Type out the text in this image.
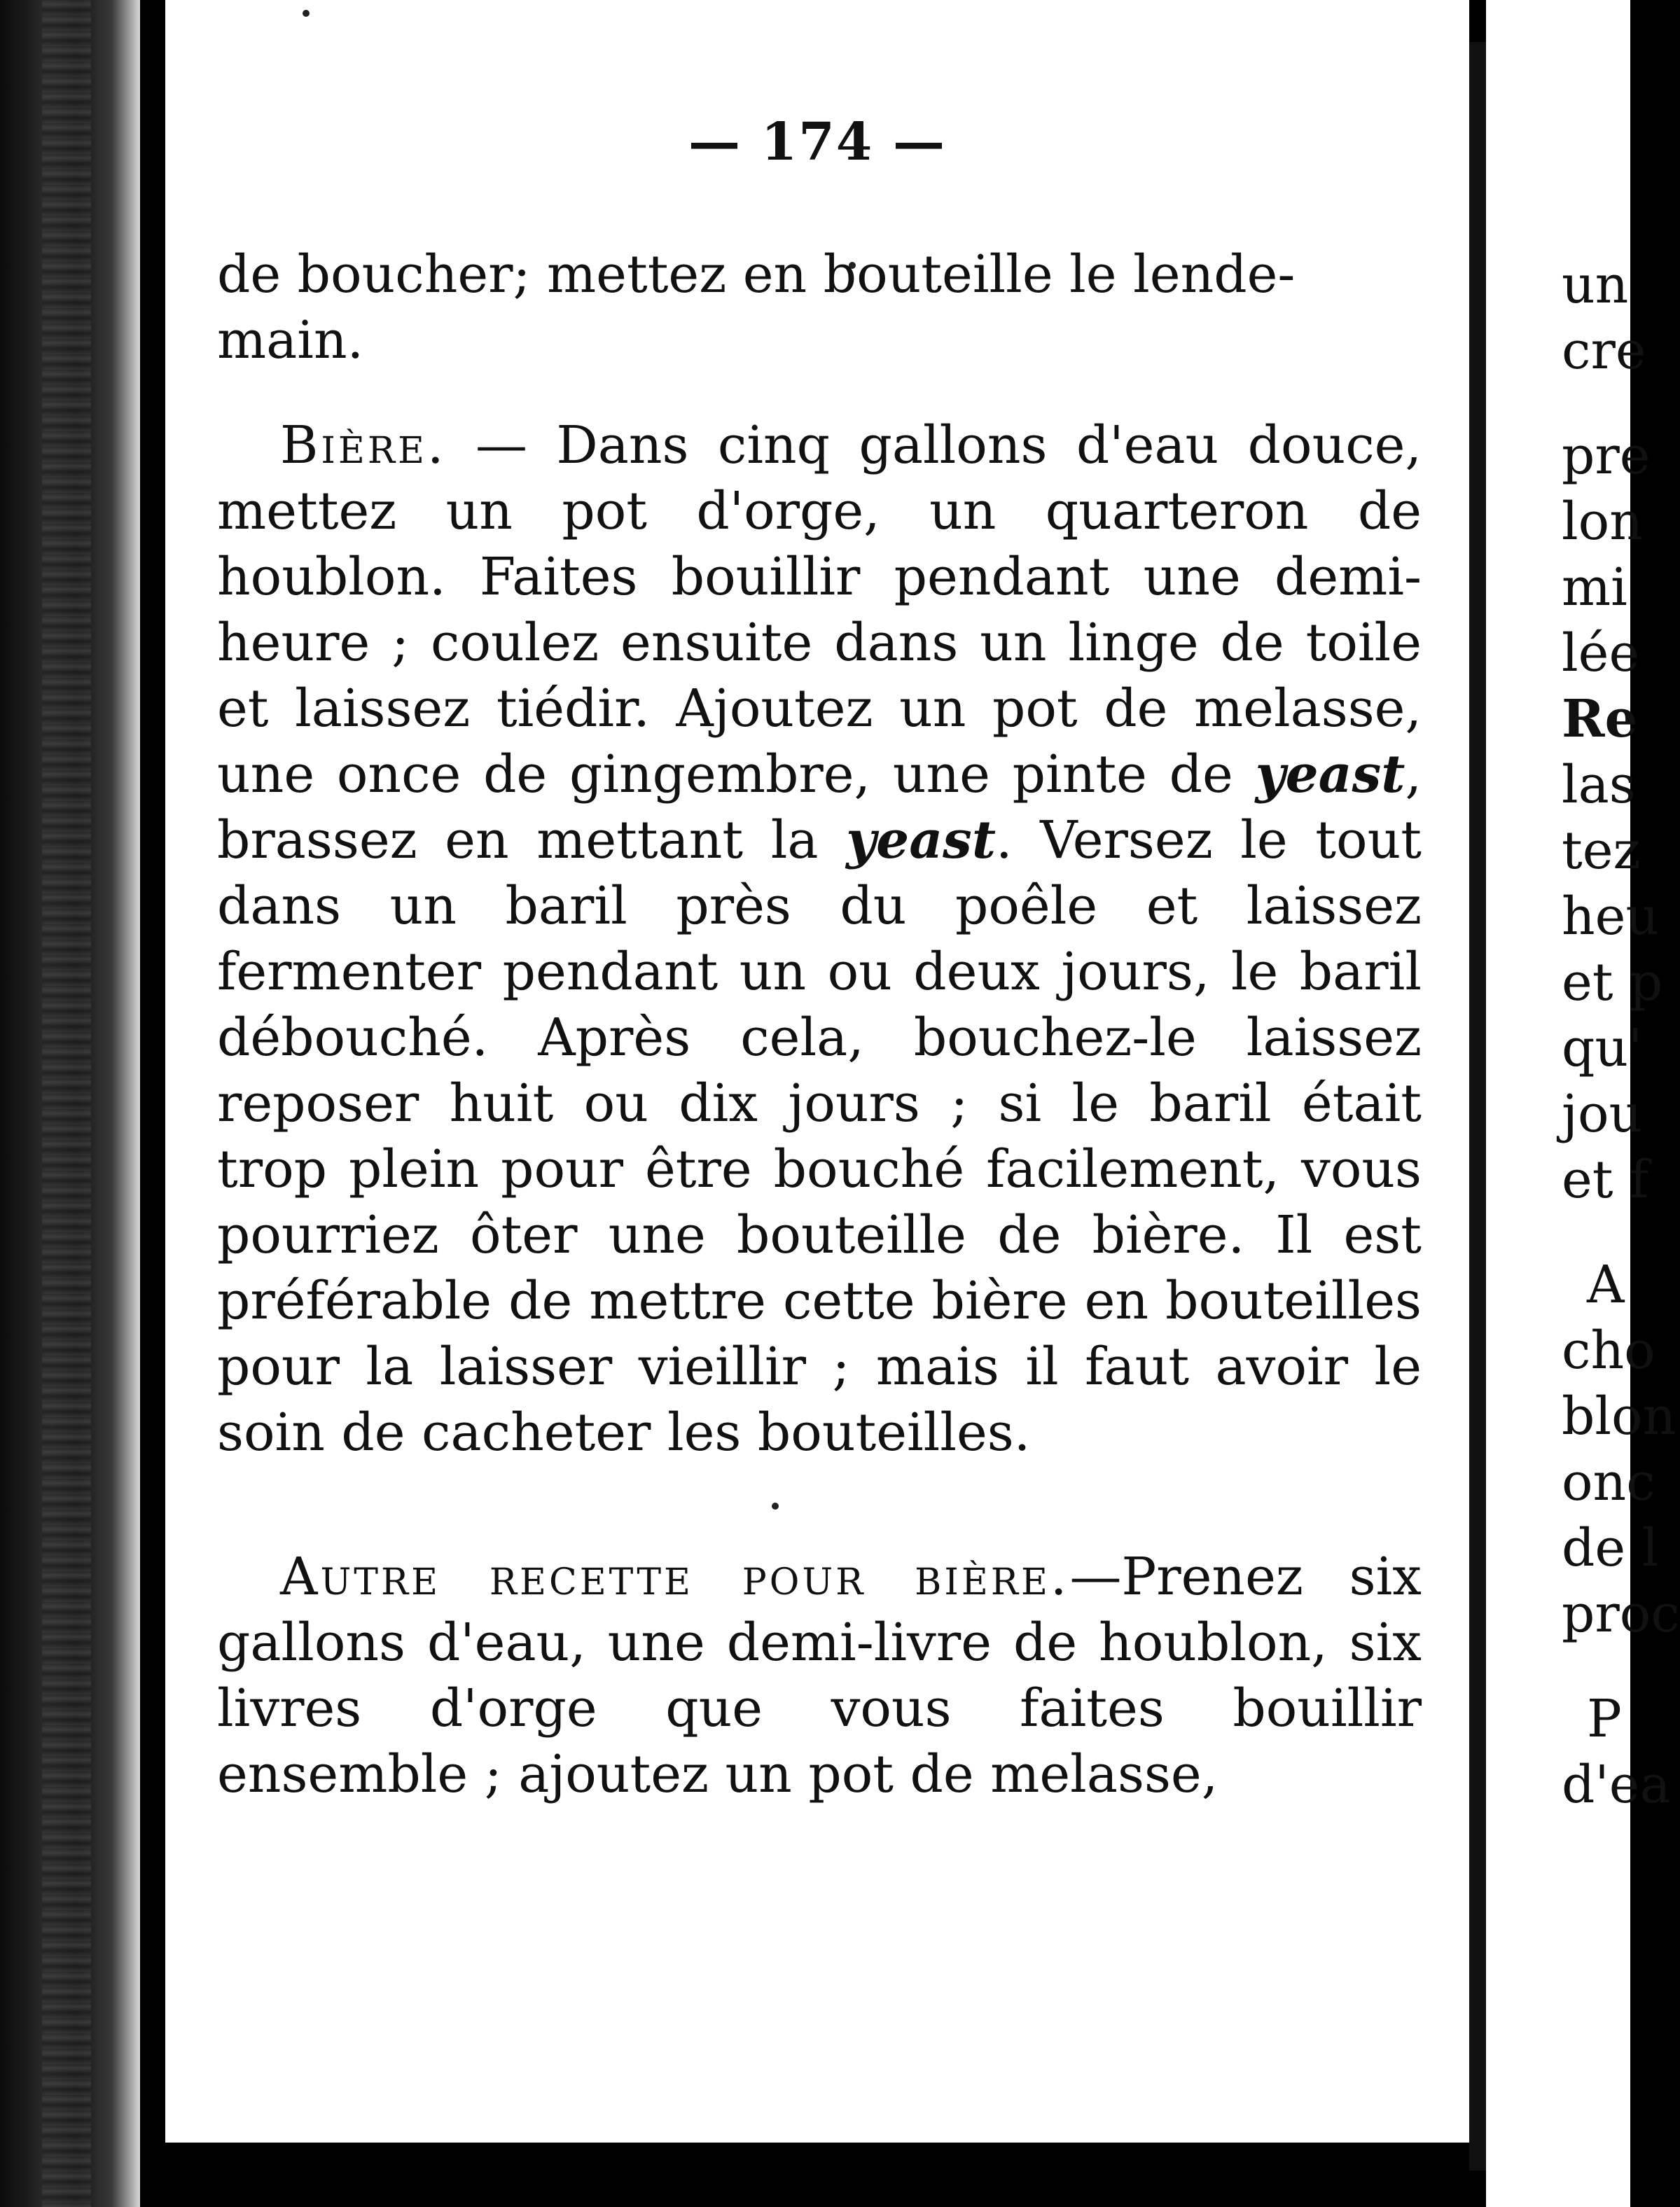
— 174 —

de boucher; mettez en bouteille le lende-
main.

Bière. — Dans cinq gallons d'eau douce, mettez un pot d'orge, un quarteron de houblon. Faites bouillir pendant une demi-heure ; coulez ensuite dans un linge de toile et laissez tiédir. Ajoutez un pot de melasse, une once de gingembre, une pinte de yeast, brassez en mettant la yeast. Versez le tout dans un baril près du poêle et laissez fermenter pendant un ou deux jours, le baril débouché. Après cela, bouchez-le laissez reposer huit ou dix jours ; si le baril était trop plein pour être bouché facilement, vous pourriez ôter une bouteille de bière. Il est préférable de mettre cette bière en bouteilles pour la laisser vieillir ; mais il faut avoir le soin de cacheter les bouteilles.

Autre recette pour bière.—Prenez six gallons d'eau, une demi-livre de houblon, six livres d'orge que vous faites bouillir ensemble ; ajoutez un pot de melasse,

un
cre
pre
lon
mi
lée
Re
las
tez
heu
et p
qu'
jou
et f
A
cho
blon
onc
de l
proc
P
d'ea
